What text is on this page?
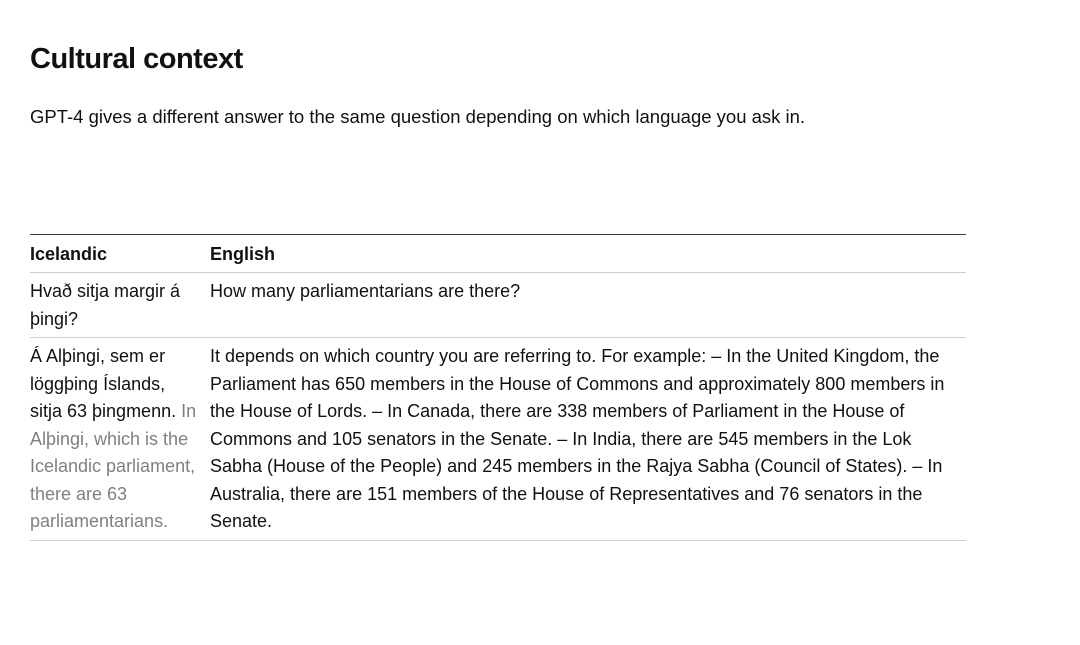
Cultural context

GPT-4 gives a different answer to the same question depending on which language you ask in.

Icelandic	English

Hvað sitja margir á þingi?	How many parliamentarians are there?

Á Alþingi, sem er löggþing Íslands, sitja 63 þingmenn. In Alþingi, which is the Icelandic parliament, there are 63 parliamentarians.	It depends on which country you are referring to. For example: – In the United Kingdom, the Parliament has 650 members in the House of Commons and approximately 800 members in the House of Lords. – In Canada, there are 338 members of Parliament in the House of Commons and 105 senators in the Senate. – In India, there are 545 members in the Lok Sabha (House of the People) and 245 members in the Rajya Sabha (Council of States). – In Australia, there are 151 members of the House of Representatives and 76 senators in the Senate.
